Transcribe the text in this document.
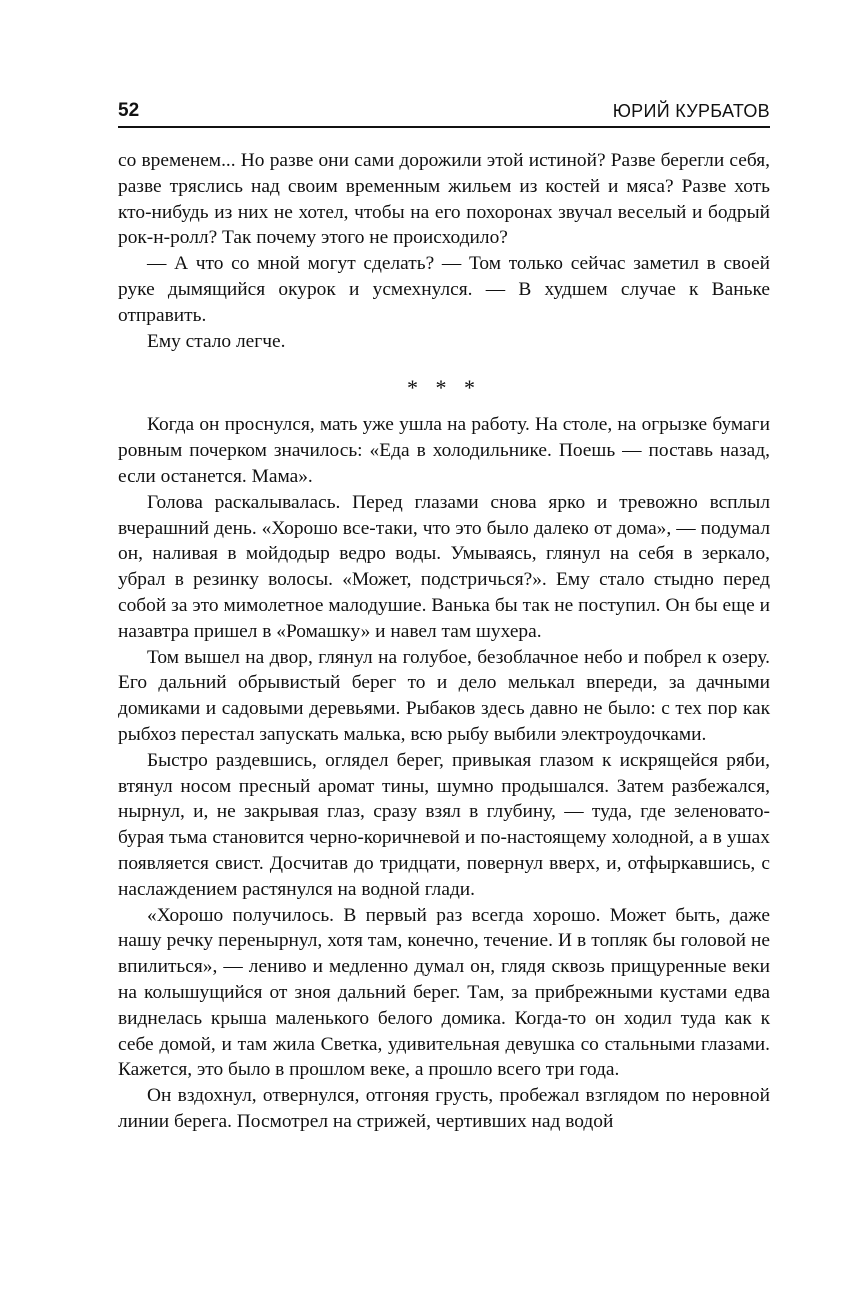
52	ЮРИЙ КУРБАТОВ

со временем... Но разве они сами дорожили этой истиной? Разве берегли себя, разве тряслись над своим временным жильем из костей и мяса? Разве хоть кто-нибудь из них не хотел, чтобы на его похоронах звучал веселый и бодрый рок-н-ролл? Так почему этого не происходило?

— А что со мной могут сделать? — Том только сейчас заметил в своей руке дымящийся окурок и усмехнулся. — В худшем случае к Ваньке отправить.

Ему стало легче.

* * *

Когда он проснулся, мать уже ушла на работу. На столе, на огрызке бумаги ровным почерком значилось: «Еда в холодильнике. Поешь — поставь назад, если останется. Мама».

Голова раскалывалась. Перед глазами снова ярко и тревожно всплыл вчерашний день. «Хорошо все-таки, что это было далеко от дома», — подумал он, наливая в мойдодыр ведро воды. Умываясь, глянул на себя в зеркало, убрал в резинку волосы. «Может, подстричься?». Ему стало стыдно перед собой за это мимолетное малодушие. Ванька бы так не поступил. Он бы еще и назавтра пришел в «Ромашку» и навел там шухера.

Том вышел на двор, глянул на голубое, безоблачное небо и побрел к озеру. Его дальний обрывистый берег то и дело мелькал впереди, за дачными домиками и садовыми деревьями. Рыбаков здесь давно не было: с тех пор как рыбхоз перестал запускать малька, всю рыбу выбили электроудочками.

Быстро раздевшись, оглядел берег, привыкая глазом к искрящейся ряби, втянул носом пресный аромат тины, шумно продышался. Затем разбежался, нырнул, и, не закрывая глаз, сразу взял в глубину, — туда, где зеленовато-бурая тьма становится черно-коричневой и по-настоящему холодной, а в ушах появляется свист. Досчитав до тридцати, повернул вверх, и, отфыркавшись, с наслаждением растянулся на водной глади.

«Хорошо получилось. В первый раз всегда хорошо. Может быть, даже нашу речку перенырнул, хотя там, конечно, течение. И в топляк бы головой не впилиться», — лениво и медленно думал он, глядя сквозь прищуренные веки на колышущийся от зноя дальний берег. Там, за прибрежными кустами едва виднелась крыша маленького белого домика. Когда-то он ходил туда как к себе домой, и там жила Светка, удивительная девушка со стальными глазами. Кажется, это было в прошлом веке, а прошло всего три года.

Он вздохнул, отвернулся, отгоняя грусть, пробежал взглядом по неровной линии берега. Посмотрел на стрижей, чертивших над водой
